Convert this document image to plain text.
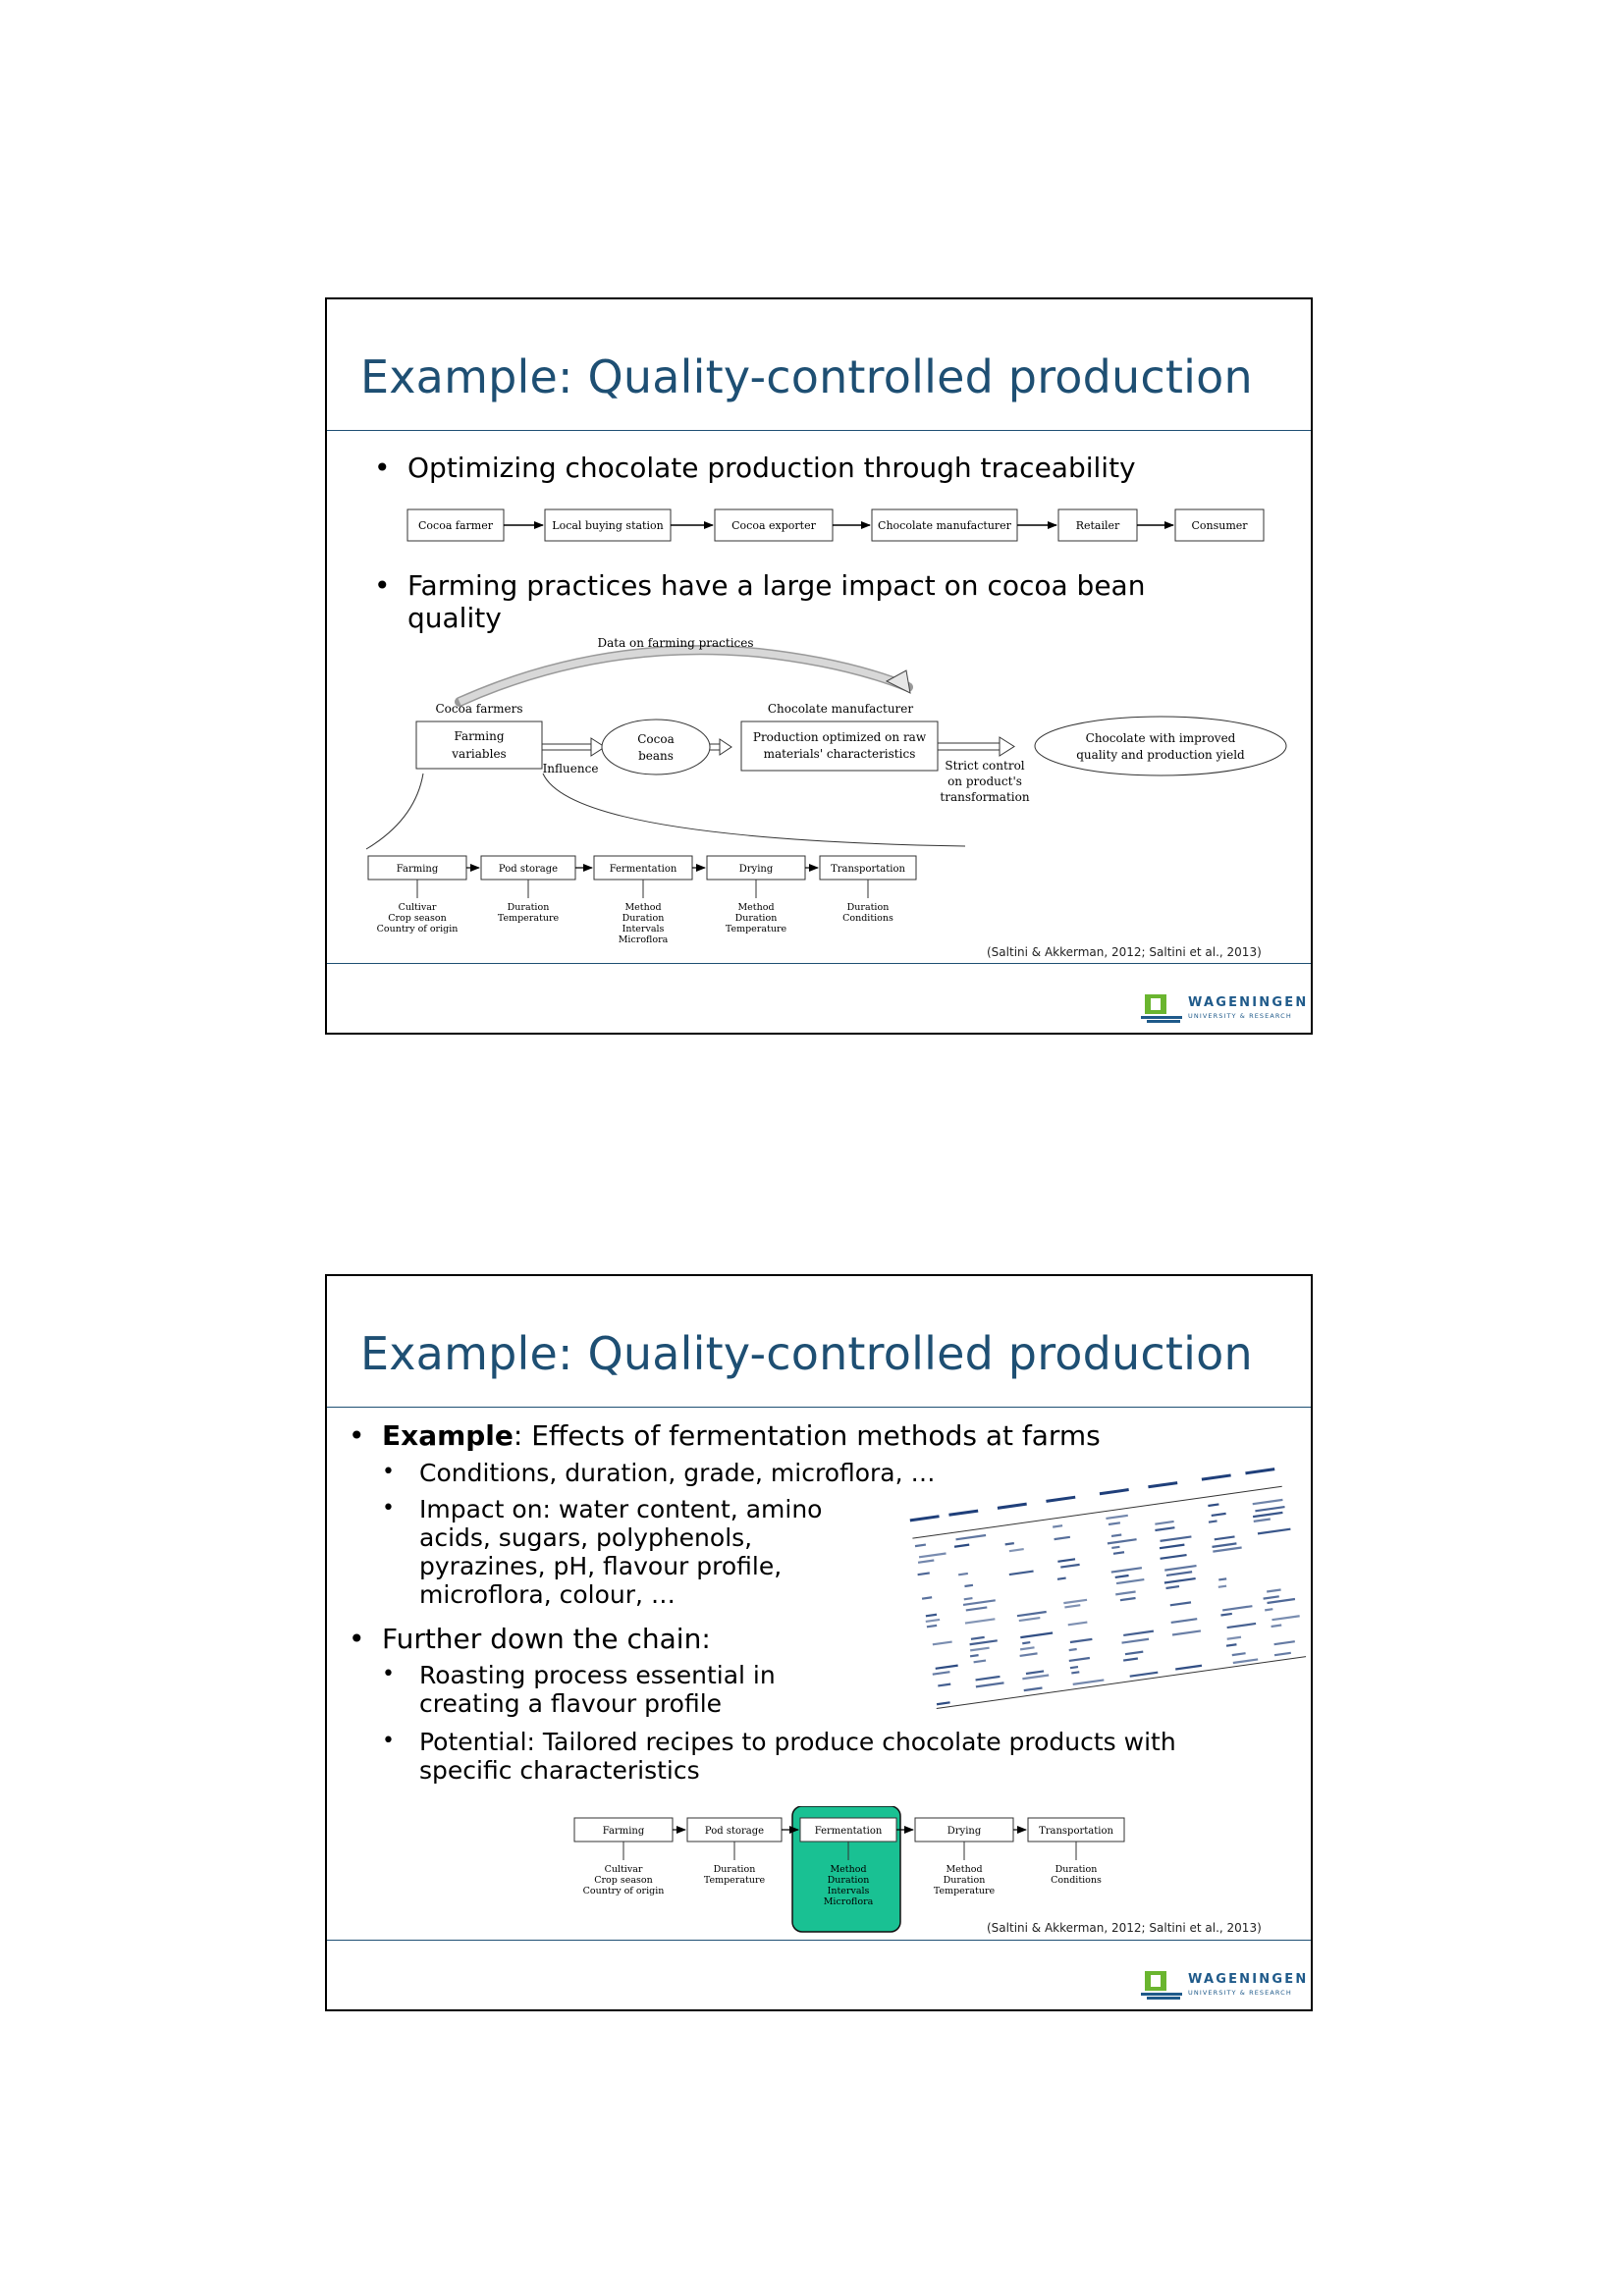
Example: Quality-controlled production
• Optimizing chocolate production through traceability
Cocoa farmer	Local buying station	Cocoa exporter	Chocolate manufacturer	Retailer	Consumer
• Farming practices have a large impact on cocoa bean
quality
Data on farming practices
Cocoa farmers
Farming
variables
Influence
Cocoa
beans
Chocolate manufacturer
Production optimized on raw
materials' characteristics
Strict control
on product's
transformation
Chocolate with improved
quality and production yield
Farming	Pod storage	Fermentation	Drying	Transportation
Cultivar
Crop season
Country of origin
Duration
Temperature
Method
Duration
Intervals
Microflora
Method
Duration
Temperature
Duration
Conditions
(Saltini & Akkerman, 2012; Saltini et al., 2013)
WAGENINGEN
UNIVERSITY & RESEARCH
Example: Quality-controlled production
• Example: Effects of fermentation methods at farms
• Conditions, duration, grade, microflora, …
• Impact on: water content, amino
acids, sugars, polyphenols,
pyrazines, pH, flavour profile,
microflora, colour, …
• Further down the chain:
• Roasting process essential in
creating a flavour profile
• Potential: Tailored recipes to produce chocolate products with
specific characteristics
Farming	Pod storage	Fermentation	Drying	Transportation
Cultivar
Crop season
Country of origin
Duration
Temperature
Method
Duration
Intervals
Microflora
Method
Duration
Temperature
Duration
Conditions
(Saltini & Akkerman, 2012; Saltini et al., 2013)
WAGENINGEN
UNIVERSITY & RESEARCH
